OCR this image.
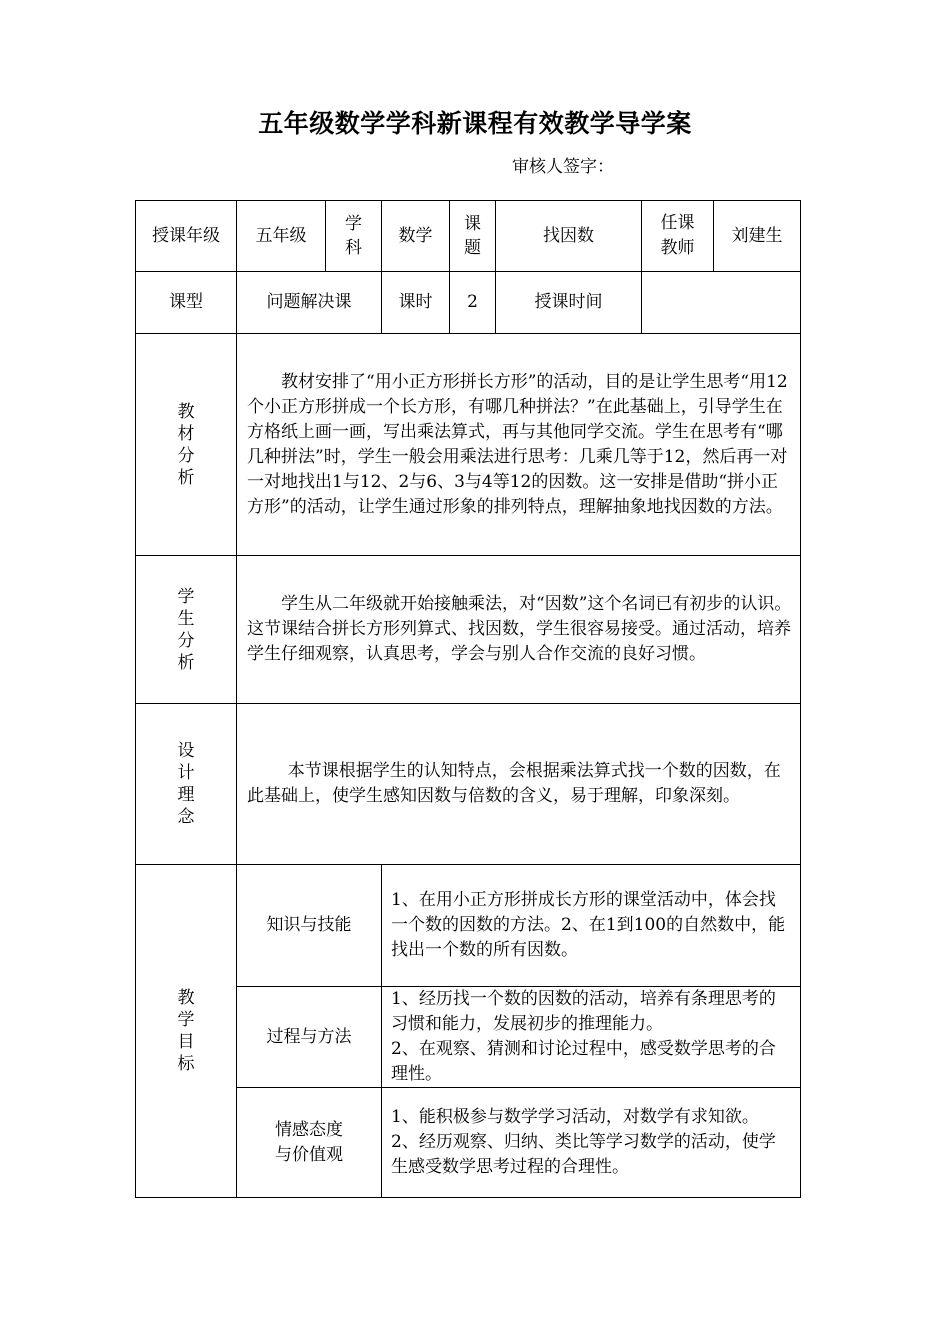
五年级数学学科新课程有效教学导学案
审核人签字：
授课年级	五年级	学科	数学	课题	找因数	任课教师	刘建生
课型	问题解决课		课时	2	授课时间		

教材分析	教材安排了“用小正方形拼长方形”的活动，目的是让学生思考“用12个小正方形拼成一个长方形，有哪几种拼法？”在此基础上，引导学生在方格纸上画一画，写出乘法算式，再与其他同学交流。学生在思考有“哪几种拼法”时，学生一般会用乘法进行思考：几乘几等于12，然后再一对一对地找出1与12、2与6、3与4等12的因数。这一安排是借助“拼小正方形”的活动，让学生通过形象的排列特点，理解抽象地找因数的方法。						

学生分析	学生从二年级就开始接触乘法，对“因数”这个名词已有初步的认识。这节课结合拼长方形列算式、找因数，学生很容易接受。通过活动，培养学生仔细观察，认真思考，学会与别人合作交流的良好习惯。						

设计理念	本节课根据学生的认知特点，会根据乘法算式找一个数的因数，在此基础上，使学生感知因数与倍数的含义，易于理解，印象深刻。						

教学目标	知识与技能		1、在用小正方形拼成长方形的课堂活动中，体会找一个数的因数的方法。2、在1到100的自然数中，能找出一个数的所有因数。				

	过程与方法		1、经历找一个数的因数的活动，培养有条理思考的习惯和能力，发展初步的推理能力。
2、在观察、猜测和讨论过程中，感受数学思考的合理性。				

	情感态度与价值观		1、能积极参与数学学习活动，对数学有求知欲。
2、经历观察、归纳、类比等学习数学的活动，使学生感受数学思考过程的合理性。				
